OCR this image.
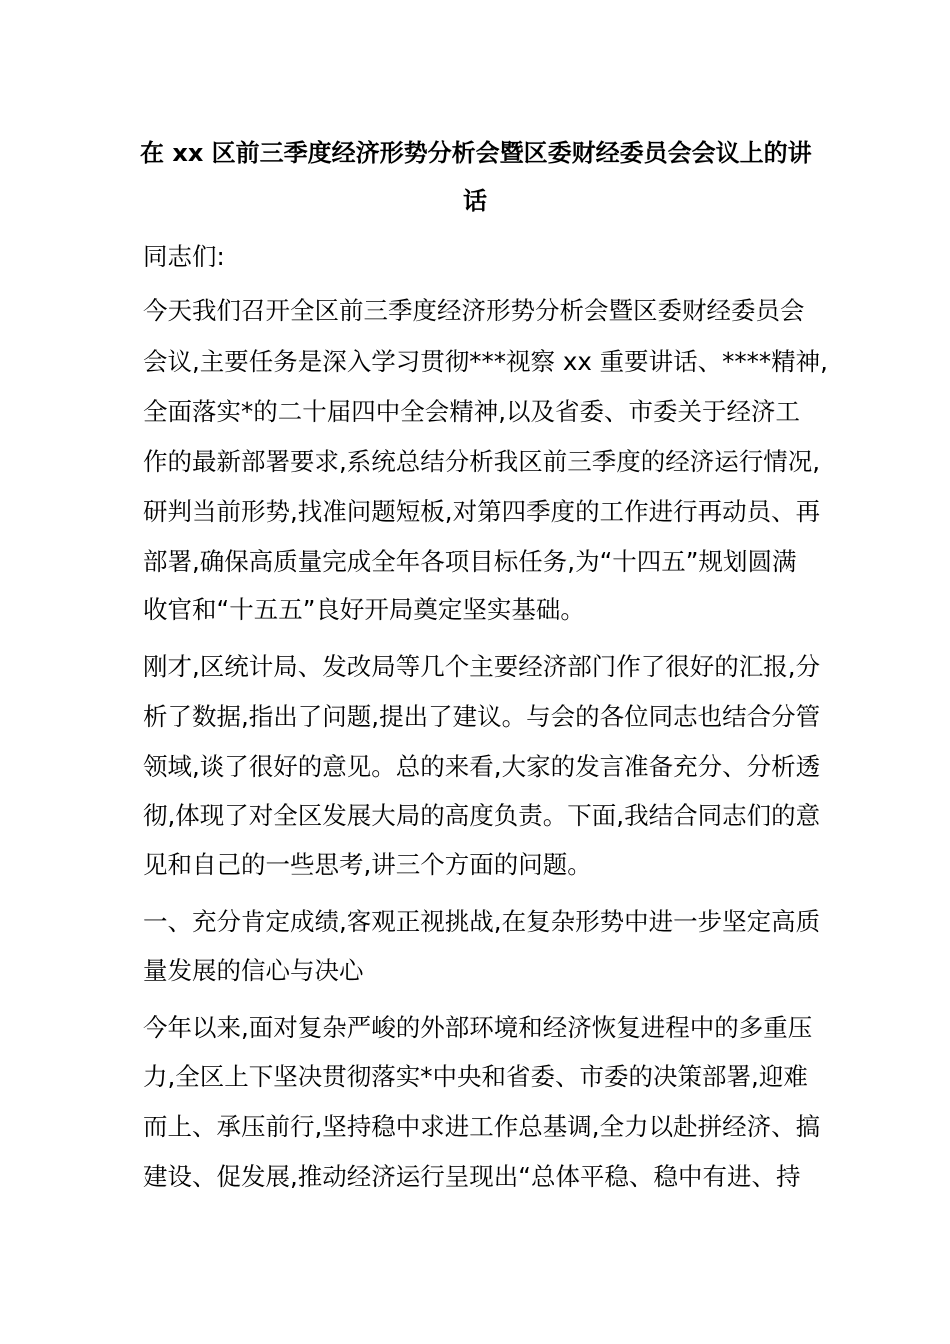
在 xx 区前三季度经济形势分析会暨区委财经委员会会议上的讲
话
同志们:
今天我们召开全区前三季度经济形势分析会暨区委财经委员会
会议,主要任务是深入学习贯彻***视察 xx 重要讲话、****精神,
全面落实*的二十届四中全会精神,以及省委、市委关于经济工
作的最新部署要求,系统总结分析我区前三季度的经济运行情况,
研判当前形势,找准问题短板,对第四季度的工作进行再动员、再
部署,确保高质量完成全年各项目标任务,为“十四五”规划圆满
收官和“十五五”良好开局奠定坚实基础。
刚才,区统计局、发改局等几个主要经济部门作了很好的汇报,分
析了数据,指出了问题,提出了建议。与会的各位同志也结合分管
领域,谈了很好的意见。总的来看,大家的发言准备充分、分析透
彻,体现了对全区发展大局的高度负责。下面,我结合同志们的意
见和自己的一些思考,讲三个方面的问题。
一、充分肯定成绩,客观正视挑战,在复杂形势中进一步坚定高质
量发展的信心与决心
今年以来,面对复杂严峻的外部环境和经济恢复进程中的多重压
力,全区上下坚决贯彻落实*中央和省委、市委的决策部署,迎难
而上、承压前行,坚持稳中求进工作总基调,全力以赴拼经济、搞
建设、促发展,推动经济运行呈现出“总体平稳、稳中有进、持
